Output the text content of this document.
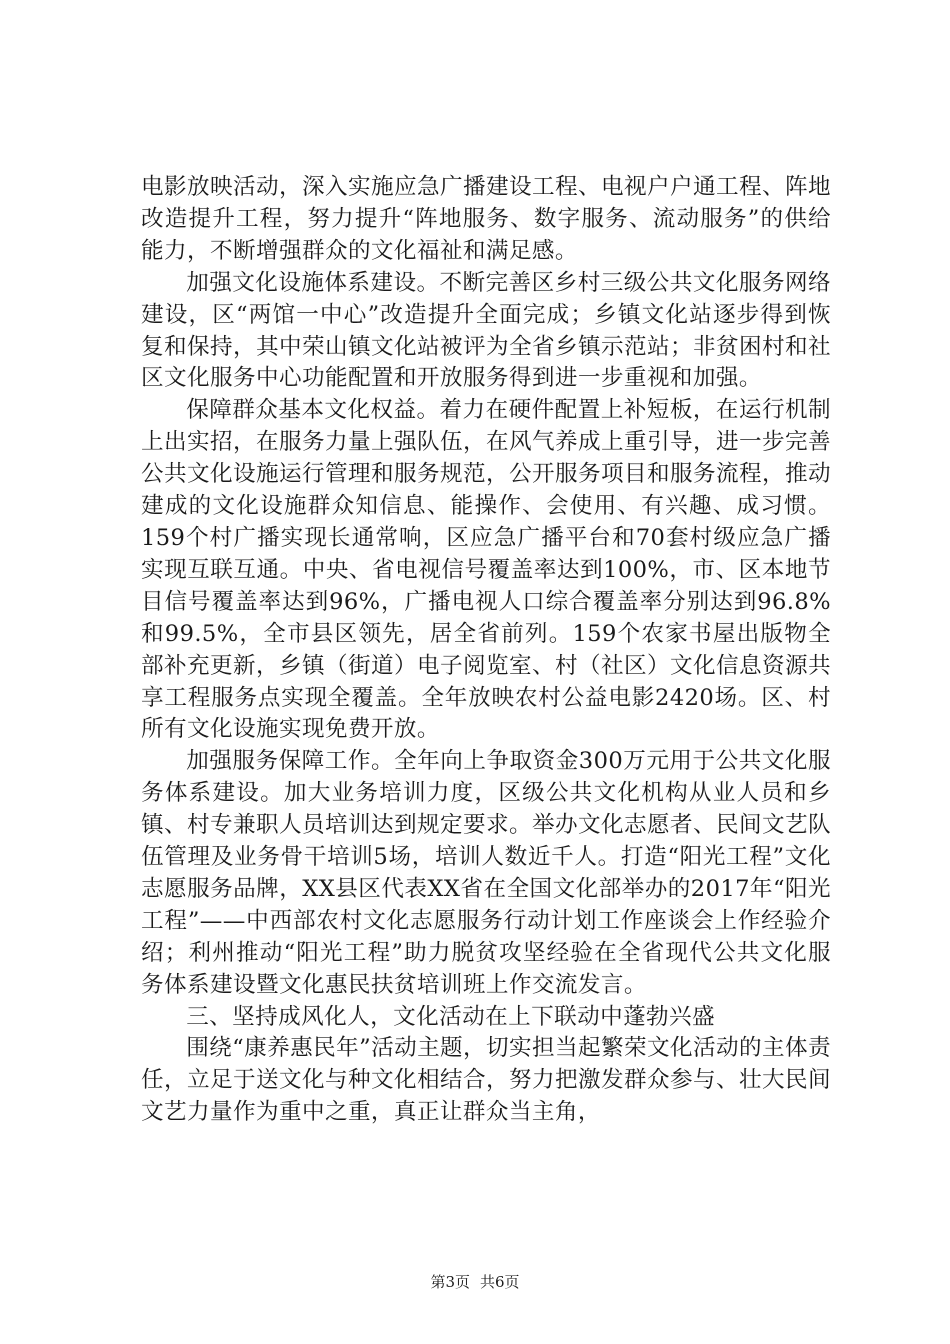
电影放映活动，深入实施应急广播建设工程、电视户户通工程、阵地改造提升工程，努力提升“阵地服务、数字服务、流动服务”的供给能力，不断增强群众的文化福祉和满足感。

加强文化设施体系建设。不断完善区乡村三级公共文化服务网络建设，区“两馆一中心”改造提升全面完成；乡镇文化站逐步得到恢复和保持，其中荣山镇文化站被评为全省乡镇示范站；非贫困村和社区文化服务中心功能配置和开放服务得到进一步重视和加强。

保障群众基本文化权益。着力在硬件配置上补短板，在运行机制上出实招，在服务力量上强队伍，在风气养成上重引导，进一步完善公共文化设施运行管理和服务规范，公开服务项目和服务流程，推动建成的文化设施群众知信息、能操作、会使用、有兴趣、成习惯。159个村广播实现长通常响，区应急广播平台和70套村级应急广播实现互联互通。中央、省电视信号覆盖率达到100%，市、区本地节目信号覆盖率达到96%，广播电视人口综合覆盖率分别达到96.8%和99.5%，全市县区领先，居全省前列。159个农家书屋出版物全部补充更新，乡镇（街道）电子阅览室、村（社区）文化信息资源共享工程服务点实现全覆盖。全年放映农村公益电影2420场。区、村所有文化设施实现免费开放。

加强服务保障工作。全年向上争取资金300万元用于公共文化服务体系建设。加大业务培训力度，区级公共文化机构从业人员和乡镇、村专兼职人员培训达到规定要求。举办文化志愿者、民间文艺队伍管理及业务骨干培训5场，培训人数近千人。打造“阳光工程”文化志愿服务品牌，XX县区代表XX省在全国文化部举办的2017年“阳光工程”——中西部农村文化志愿服务行动计划工作座谈会上作经验介绍；利州推动“阳光工程”助力脱贫攻坚经验在全省现代公共文化服务体系建设暨文化惠民扶贫培训班上作交流发言。

三、坚持成风化人，文化活动在上下联动中蓬勃兴盛

围绕“康养惠民年”活动主题，切实担当起繁荣文化活动的主体责任，立足于送文化与种文化相结合，努力把激发群众参与、壮大民间文艺力量作为重中之重，真正让群众当主角，

第3页 共6页
